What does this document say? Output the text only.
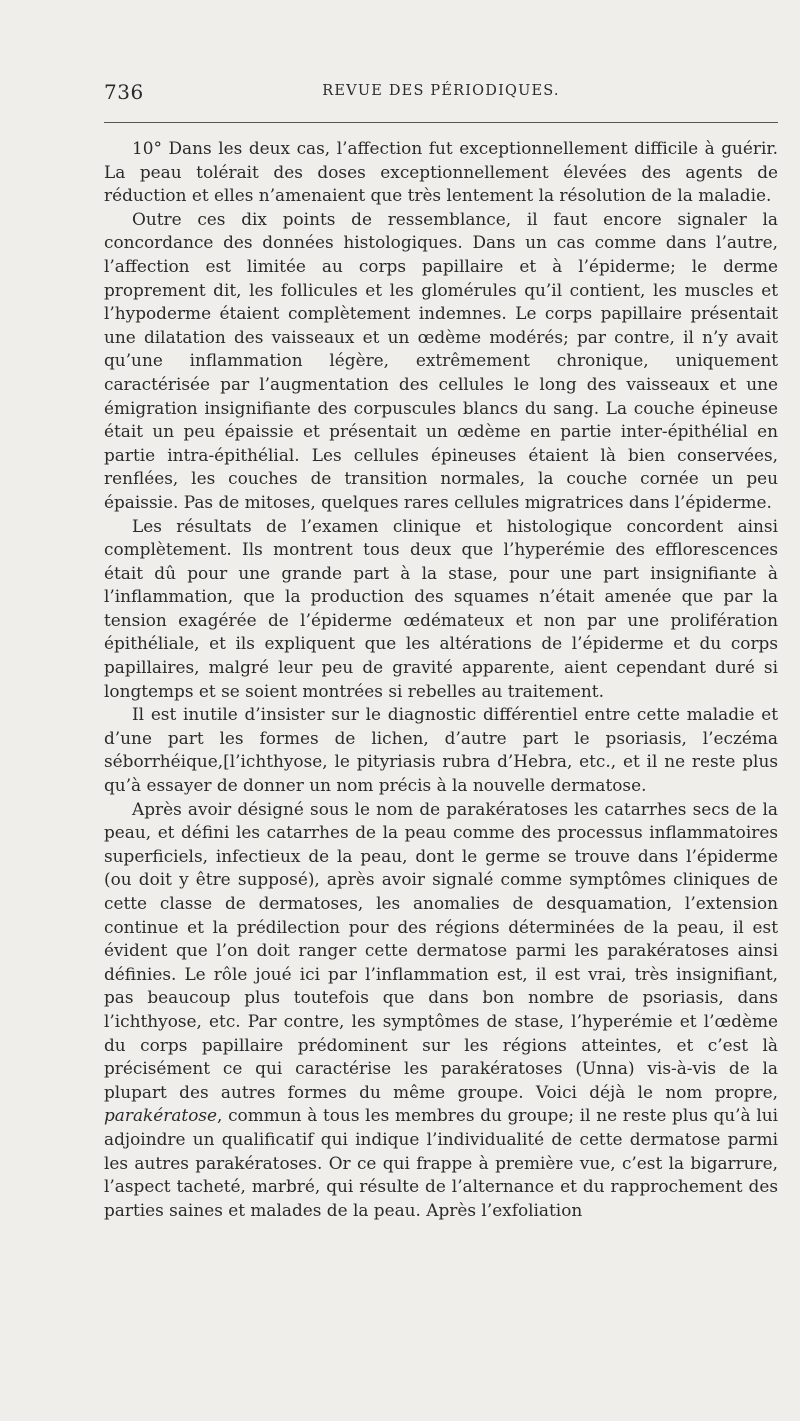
736	REVUE DES PÉRIODIQUES.

10° Dans les deux cas, l’affection fut exceptionnellement difficile à guérir. La peau tolérait des doses exceptionnellement élevées des agents de réduction et elles n’amenaient que très lentement la résolution de la maladie.

Outre ces dix points de ressemblance, il faut encore signaler la concordance des données histologiques. Dans un cas comme dans l’autre, l’affection est limitée au corps papillaire et à l’épiderme; le derme proprement dit, les follicules et les glomérules qu’il contient, les muscles et l’hypoderme étaient complètement indemnes. Le corps papillaire présentait une dilatation des vaisseaux et un œdème modérés; par contre, il n’y avait qu’une inflammation légère, extrêmement chronique, uniquement caractérisée par l’augmentation des cellules le long des vaisseaux et une émigration insignifiante des corpuscules blancs du sang. La couche épineuse était un peu épaissie et présentait un œdème en partie inter-épithélial en partie intra-épithélial. Les cellules épineuses étaient là bien conservées, renflées, les couches de transition normales, la couche cornée un peu épaissie. Pas de mitoses, quelques rares cellules migratrices dans l’épiderme.

Les résultats de l’examen clinique et histologique concordent ainsi complètement. Ils montrent tous deux que l’hyperémie des efflorescences était dû pour une grande part à la stase, pour une part insignifiante à l’inflammation, que la production des squames n’était amenée que par la tension exagérée de l’épiderme œdémateux et non par une prolifération épithéliale, et ils expliquent que les altérations de l’épiderme et du corps papillaires, malgré leur peu de gravité apparente, aient cependant duré si longtemps et se soient montrées si rebelles au traitement.

Il est inutile d’insister sur le diagnostic différentiel entre cette maladie et d’une part les formes de lichen, d’autre part le psoriasis, l’eczéma séborrhéique,[l’ichthyose, le pityriasis rubra d’Hebra, etc., et il ne reste plus qu’à essayer de donner un nom précis à la nouvelle dermatose.

Après avoir désigné sous le nom de parakératoses les catarrhes secs de la peau, et défini les catarrhes de la peau comme des processus inflammatoires superficiels, infectieux de la peau, dont le germe se trouve dans l’épiderme (ou doit y être supposé), après avoir signalé comme symptômes cliniques de cette classe de dermatoses, les anomalies de desquamation, l’extension continue et la prédilection pour des régions déterminées de la peau, il est évident que l’on doit ranger cette dermatose parmi les parakératoses ainsi définies. Le rôle joué ici par l’inflammation est, il est vrai, très insignifiant, pas beaucoup plus toutefois que dans bon nombre de psoriasis, dans l’ichthyose, etc. Par contre, les symptômes de stase, l’hyperémie et l’œdème du corps papillaire prédominent sur les régions atteintes, et c’est là précisément ce qui caractérise les parakératoses (Unna) vis-à-vis de la plupart des autres formes du même groupe. Voici déjà le nom propre, parakératose, commun à tous les membres du groupe; il ne reste plus qu’à lui adjoindre un qualificatif qui indique l’individualité de cette dermatose parmi les autres parakératoses. Or ce qui frappe à première vue, c’est la bigarrure, l’aspect tacheté, marbré, qui résulte de l’alternance et du rapprochement des parties saines et malades de la peau. Après l’exfoliation
